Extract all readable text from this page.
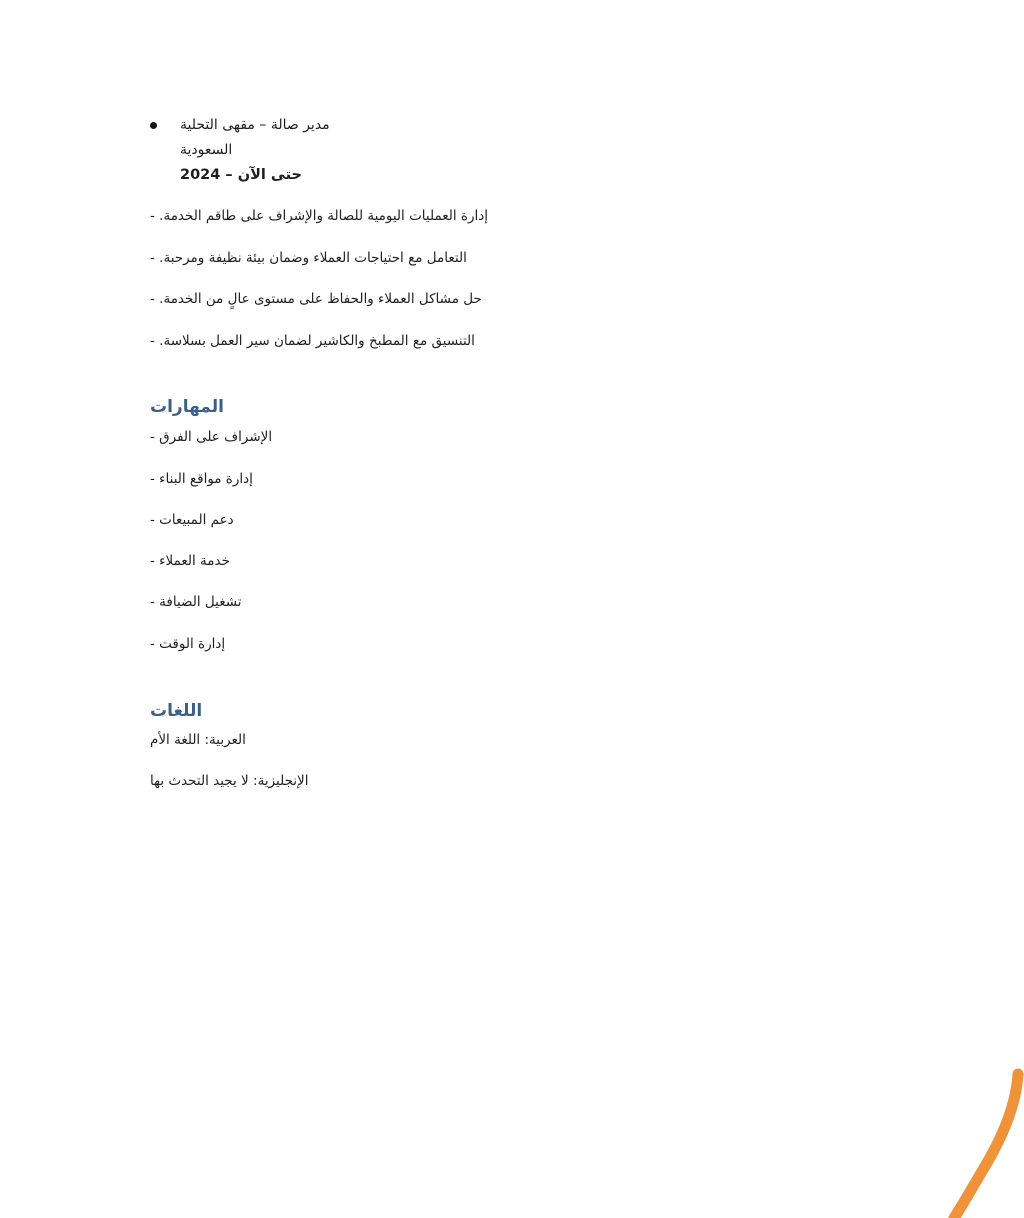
مدير صالة – مقهى التحلية
السعودية
حتى الآن – 2024
إدارة العمليات اليومية للصالة والإشراف على طاقم الخدمة. -
التعامل مع احتياجات العملاء وضمان بيئة نظيفة ومرحبة. -
حل مشاكل العملاء والحفاظ على مستوى عالٍ من الخدمة. -
التنسيق مع المطبخ والكاشير لضمان سير العمل بسلاسة. -
المهارات
الإشراف على الفرق -
إدارة مواقع البناء -
دعم المبيعات -
خدمة العملاء -
تشغيل الضيافة -
إدارة الوقت -
اللغات
العربية: اللغة الأم
الإنجليزية: لا يجيد التحدث بها
